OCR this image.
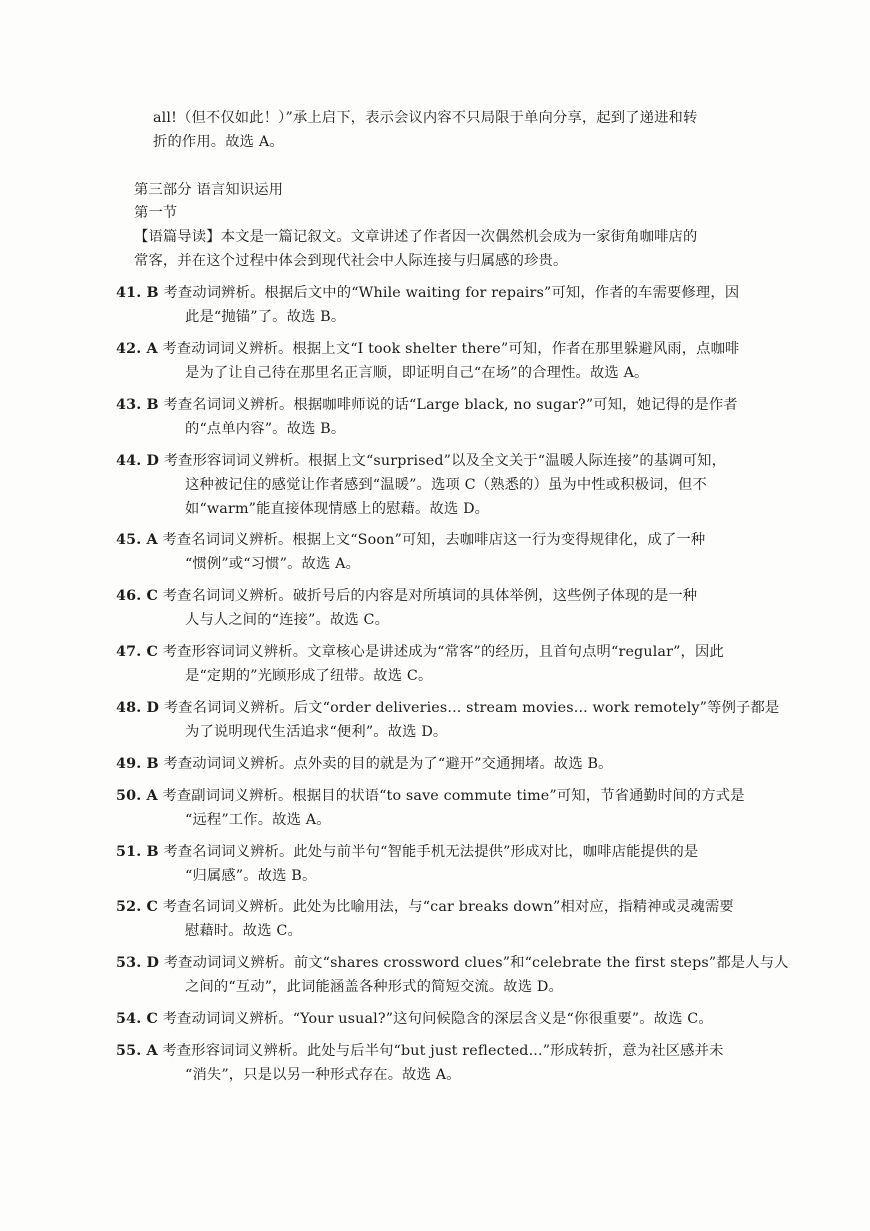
all!（但不仅如此！）”承上启下，表示会议内容不只局限于单向分享，起到了递进和转
折的作用。故选 A。
第三部分 语言知识运用
第一节
【语篇导读】本文是一篇记叙文。文章讲述了作者因一次偶然机会成为一家街角咖啡店的
常客，并在这个过程中体会到现代社会中人际连接与归属感的珍贵。
41. B 考查动词辨析。根据后文中的“While waiting for repairs”可知，作者的车需要修理，因
此是“抛锚”了。故选 B。
42. A 考查动词词义辨析。根据上文“I took shelter there”可知，作者在那里躲避风雨，点咖啡
是为了让自己待在那里名正言顺，即证明自己“在场”的合理性。故选 A。
43. B 考查名词词义辨析。根据咖啡师说的话“Large black, no sugar?”可知，她记得的是作者
的“点单内容”。故选 B。
44. D 考查形容词词义辨析。根据上文“surprised”以及全文关于“温暖人际连接”的基调可知，
这种被记住的感觉让作者感到“温暖”。选项 C（熟悉的）虽为中性或积极词，但不
如“warm”能直接体现情感上的慰藉。故选 D。
45. A 考查名词词义辨析。根据上文“Soon”可知，去咖啡店这一行为变得规律化，成了一种
“惯例”或“习惯”。故选 A。
46. C 考查名词词义辨析。破折号后的内容是对所填词的具体举例，这些例子体现的是一种
人与人之间的“连接”。故选 C。
47. C 考查形容词词义辨析。文章核心是讲述成为“常客”的经历，且首句点明“regular”，因此
是“定期的”光顾形成了纽带。故选 C。
48. D 考查名词词义辨析。后文“order deliveries... stream movies... work remotely”等例子都是
为了说明现代生活追求“便利”。故选 D。
49. B 考查动词词义辨析。点外卖的目的就是为了“避开”交通拥堵。故选 B。
50. A 考查副词词义辨析。根据目的状语“to save commute time”可知，节省通勤时间的方式是
“远程”工作。故选 A。
51. B 考查名词词义辨析。此处与前半句“智能手机无法提供”形成对比，咖啡店能提供的是
“归属感”。故选 B。
52. C 考查名词词义辨析。此处为比喻用法，与“car breaks down”相对应，指精神或灵魂需要
慰藉时。故选 C。
53. D 考查动词词义辨析。前文“shares crossword clues”和“celebrate the first steps”都是人与人
之间的“互动”，此词能涵盖各种形式的简短交流。故选 D。
54. C 考查动词词义辨析。“Your usual?”这句问候隐含的深层含义是“你很重要”。故选 C。
55. A 考查形容词词义辨析。此处与后半句“but just reflected...”形成转折，意为社区感并未
“消失”，只是以另一种形式存在。故选 A。
